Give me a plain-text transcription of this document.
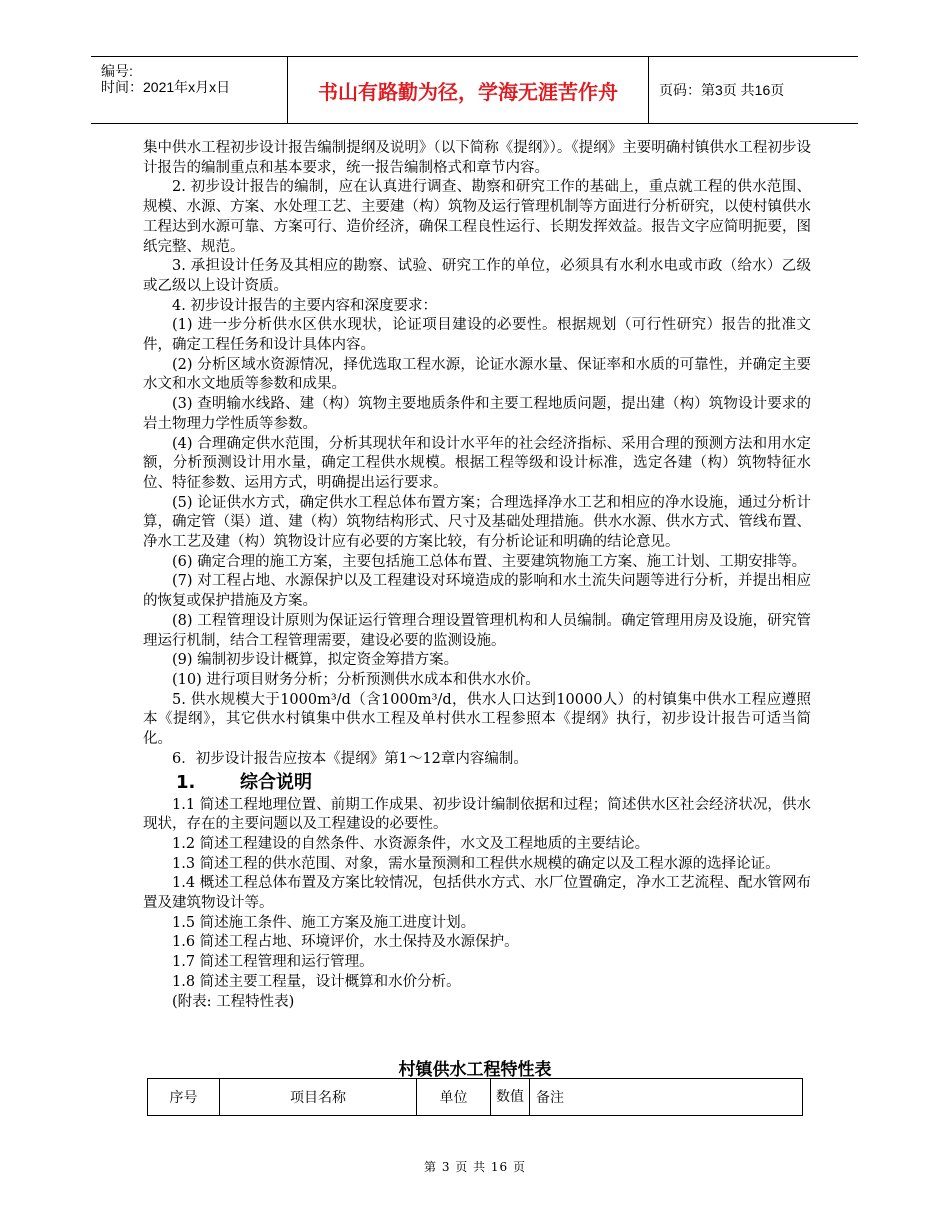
编号:
时间：2021年x月x日	书山有路勤为径，学海无涯苦作舟	页码：第3页 共16页

集中供水工程初步设计报告编制提纲及说明》（以下简称《提纲》）。《提纲》主要明确村镇供水工程初步设计报告的编制重点和基本要求，统一报告编制格式和章节内容。

2. 初步设计报告的编制，应在认真进行调查、勘察和研究工作的基础上，重点就工程的供水范围、规模、水源、方案、水处理工艺、主要建（构）筑物及运行管理机制等方面进行分析研究，以使村镇供水工程达到水源可靠、方案可行、造价经济，确保工程良性运行、长期发挥效益。报告文字应简明扼要，图纸完整、规范。

3. 承担设计任务及其相应的勘察、试验、研究工作的单位，必须具有水利水电或市政（给水）乙级或乙级以上设计资质。

4. 初步设计报告的主要内容和深度要求：

(1) 进一步分析供水区供水现状，论证项目建设的必要性。根据规划（可行性研究）报告的批准文件，确定工程任务和设计具体内容。

(2) 分析区域水资源情况，择优选取工程水源，论证水源水量、保证率和水质的可靠性，并确定主要水文和水文地质等参数和成果。

(3) 查明输水线路、建（构）筑物主要地质条件和主要工程地质问题，提出建（构）筑物设计要求的岩土物理力学性质等参数。

(4) 合理确定供水范围，分析其现状年和设计水平年的社会经济指标、采用合理的预测方法和用水定额，分析预测设计用水量，确定工程供水规模。根据工程等级和设计标准，选定各建（构）筑物特征水位、特征参数、运用方式，明确提出运行要求。

(5) 论证供水方式，确定供水工程总体布置方案；合理选择净水工艺和相应的净水设施，通过分析计算，确定管（渠）道、建（构）筑物结构形式、尺寸及基础处理措施。供水水源、供水方式、管线布置、净水工艺及建（构）筑物设计应有必要的方案比较，有分析论证和明确的结论意见。

(6) 确定合理的施工方案，主要包括施工总体布置、主要建筑物施工方案、施工计划、工期安排等。

(7) 对工程占地、水源保护以及工程建设对环境造成的影响和水土流失问题等进行分析，并提出相应的恢复或保护措施及方案。

(8) 工程管理设计原则为保证运行管理合理设置管理机构和人员编制。确定管理用房及设施，研究管理运行机制，结合工程管理需要，建设必要的监测设施。

(9) 编制初步设计概算，拟定资金筹措方案。

(10) 进行项目财务分析；分析预测供水成本和供水水价。

5. 供水规模大于1000m³/d（含1000m³/d，供水人口达到10000人）的村镇集中供水工程应遵照本《提纲》，其它供水村镇集中供水工程及单村供水工程参照本《提纲》执行，初步设计报告可适当简化。

6．初步设计报告应按本《提纲》第1～12章内容编制。

1. 综合说明

1.1 简述工程地理位置、前期工作成果、初步设计编制依据和过程；简述供水区社会经济状况，供水现状，存在的主要问题以及工程建设的必要性。

1.2 简述工程建设的自然条件、水资源条件，水文及工程地质的主要结论。

1.3 简述工程的供水范围、对象，需水量预测和工程供水规模的确定以及工程水源的选择论证。

1.4 概述工程总体布置及方案比较情况，包括供水方式、水厂位置确定，净水工艺流程、配水管网布置及建筑物设计等。

1.5 简述施工条件、施工方案及施工进度计划。

1.6 简述工程占地、环境评价，水土保持及水源保护。

1.7 简述工程管理和运行管理。

1.8 简述主要工程量，设计概算和水价分析。

(附表: 工程特性表)

村镇供水工程特性表
序号	项目名称	单位	数值	备注
第 3 页 共 16 页
